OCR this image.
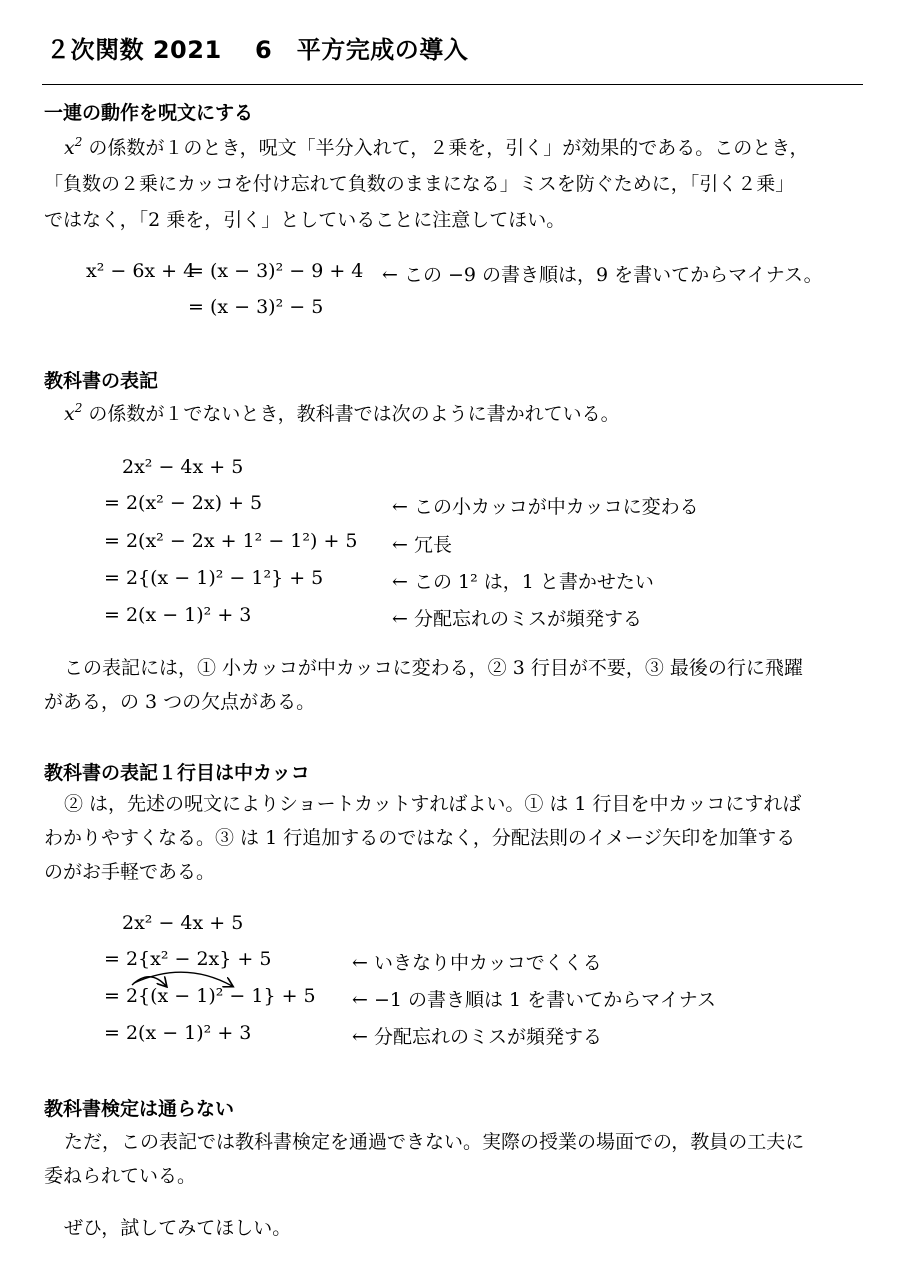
２次関数 2021　 6　平方完成の導入
一連の動作を呪文にする
$x^2$ の係数が１のとき，呪文「半分入れて，２乗を，引く」が効果的である。このとき，
「負数の２乗にカッコを付け忘れて負数のままになる」ミスを防ぐために，「引く２乗」
ではなく，「2 乗を，引く」としていることに注意してほい。
x² − 6x + 4
= (x − 3)² − 9 + 4 ← この −9 の書き順は，9 を書いてからマイナス。
= (x − 3)² − 5
教科書の表記
$x^2$ の係数が１でないとき，教科書では次のように書かれている。
2x² − 4x + 5
= 2(x² − 2x) + 5	← この小カッコが中カッコに変わる
= 2(x² − 2x + 1² − 1²) + 5 ← 冗長
= 2{(x − 1)² − 1²} + 5	← この 1² は，1 と書かせたい
= 2(x − 1)² + 3	← 分配忘れのミスが頻発する
この表記には，① 小カッコが中カッコに変わる，② 3 行目が不要，③ 最後の行に飛躍
がある，の 3 つの欠点がある。
教科書の表記１行目は中カッコ
② は，先述の呪文によりショートカットすればよい。① は 1 行目を中カッコにすれば
わかりやすくなる。③ は 1 行追加するのではなく，分配法則のイメージ矢印を加筆する
のがお手軽である。
2x² − 4x + 5
= 2{x² − 2x} + 5	← いきなり中カッコでくくる
= 2{(x − 1)² − 1} + 5 ← −1 の書き順は 1 を書いてからマイナス
= 2(x − 1)² + 3	← 分配忘れのミスが頻発する
教科書検定は通らない
ただ，この表記では教科書検定を通過できない。実際の授業の場面での，教員の工夫に
委ねられている。
ぜひ，試してみてほしい。
